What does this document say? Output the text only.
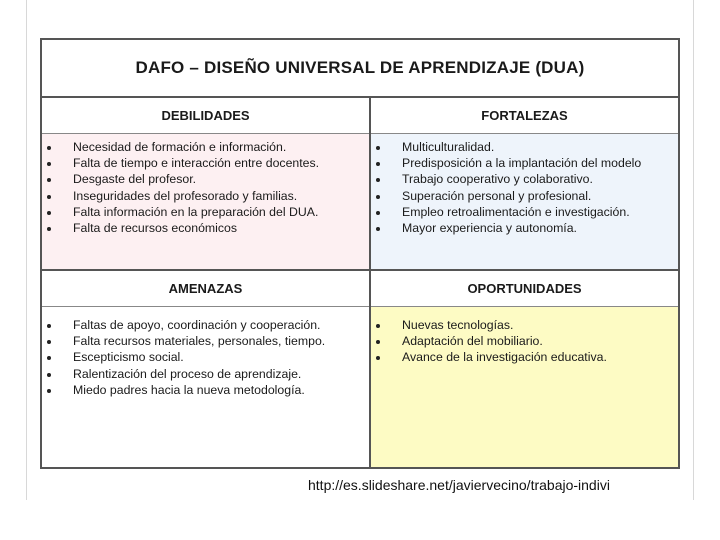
DAFO – DISEÑO UNIVERSAL DE APRENDIZAJE (DUA)
DEBILIDADES
Necesidad de formación e información.
Falta de tiempo e interacción entre docentes.
Desgaste del profesor.
Inseguridades del profesorado y familias.
Falta información en la preparación del DUA.
Falta de recursos económicos
FORTALEZAS
Multiculturalidad.
Predisposición a la implantación del modelo
Trabajo cooperativo y colaborativo.
Superación personal y profesional.
Empleo retroalimentación e investigación.
Mayor experiencia y autonomía.
AMENAZAS
Faltas de apoyo, coordinación y cooperación.
Falta recursos materiales, personales, tiempo.
Escepticismo social.
Ralentización del proceso de aprendizaje.
Miedo padres hacia la nueva metodología.
OPORTUNIDADES
Nuevas tecnologías.
Adaptación del mobiliario.
Avance de la investigación educativa.
http://es.slideshare.net/javiervecino/trabajo-indivi
